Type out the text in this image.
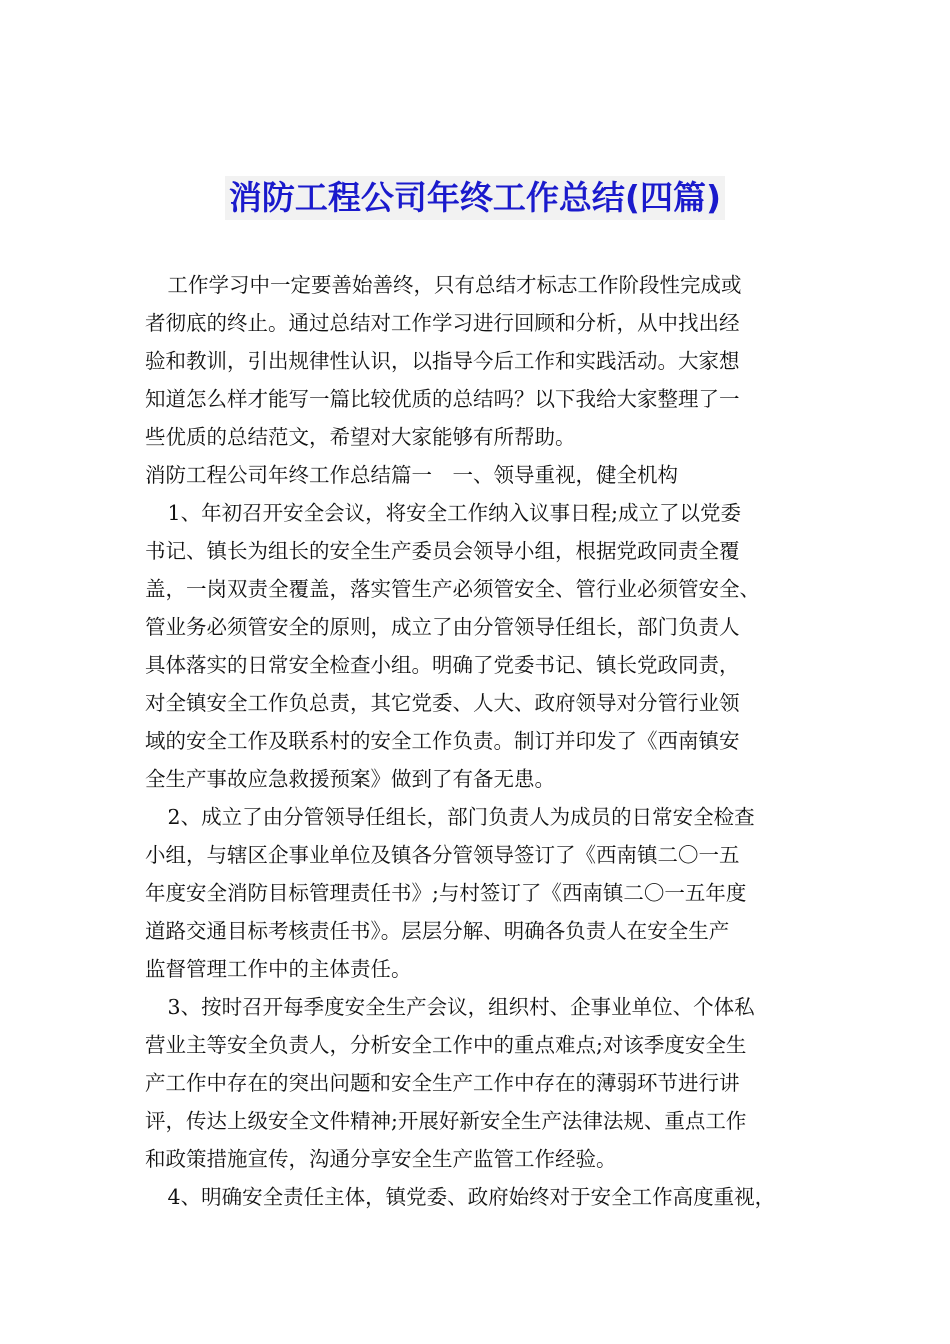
消防工程公司年终工作总结(四篇)

工作学习中一定要善始善终，只有总结才标志工作阶段性完成或
者彻底的终止。通过总结对工作学习进行回顾和分析，从中找出经
验和教训，引出规律性认识，以指导今后工作和实践活动。大家想
知道怎么样才能写一篇比较优质的总结吗？以下我给大家整理了一
些优质的总结范文，希望对大家能够有所帮助。

消防工程公司年终工作总结篇一　一、领导重视，健全机构

1、年初召开安全会议，将安全工作纳入议事日程;成立了以党委
书记、镇长为组长的安全生产委员会领导小组，根据党政同责全覆
盖，一岗双责全覆盖，落实管生产必须管安全、管行业必须管安全、
管业务必须管安全的原则，成立了由分管领导任组长，部门负责人
具体落实的日常安全检查小组。明确了党委书记、镇长党政同责，
对全镇安全工作负总责，其它党委、人大、政府领导对分管行业领
域的安全工作及联系村的安全工作负责。制订并印发了《西南镇安
全生产事故应急救援预案》做到了有备无患。

2、成立了由分管领导任组长，部门负责人为成员的日常安全检查
小组，与辖区企事业单位及镇各分管领导签订了《西南镇二〇一五
年度安全消防目标管理责任书》;与村签订了《西南镇二〇一五年度
道路交通目标考核责任书》。层层分解、明确各负责人在安全生产
监督管理工作中的主体责任。

3、按时召开每季度安全生产会议，组织村、企事业单位、个体私
营业主等安全负责人，分析安全工作中的重点难点;对该季度安全生
产工作中存在的突出问题和安全生产工作中存在的薄弱环节进行讲
评，传达上级安全文件精神;开展好新安全生产法律法规、重点工作
和政策措施宣传，沟通分享安全生产监管工作经验。

4、明确安全责任主体，镇党委、政府始终对于安全工作高度重视，
